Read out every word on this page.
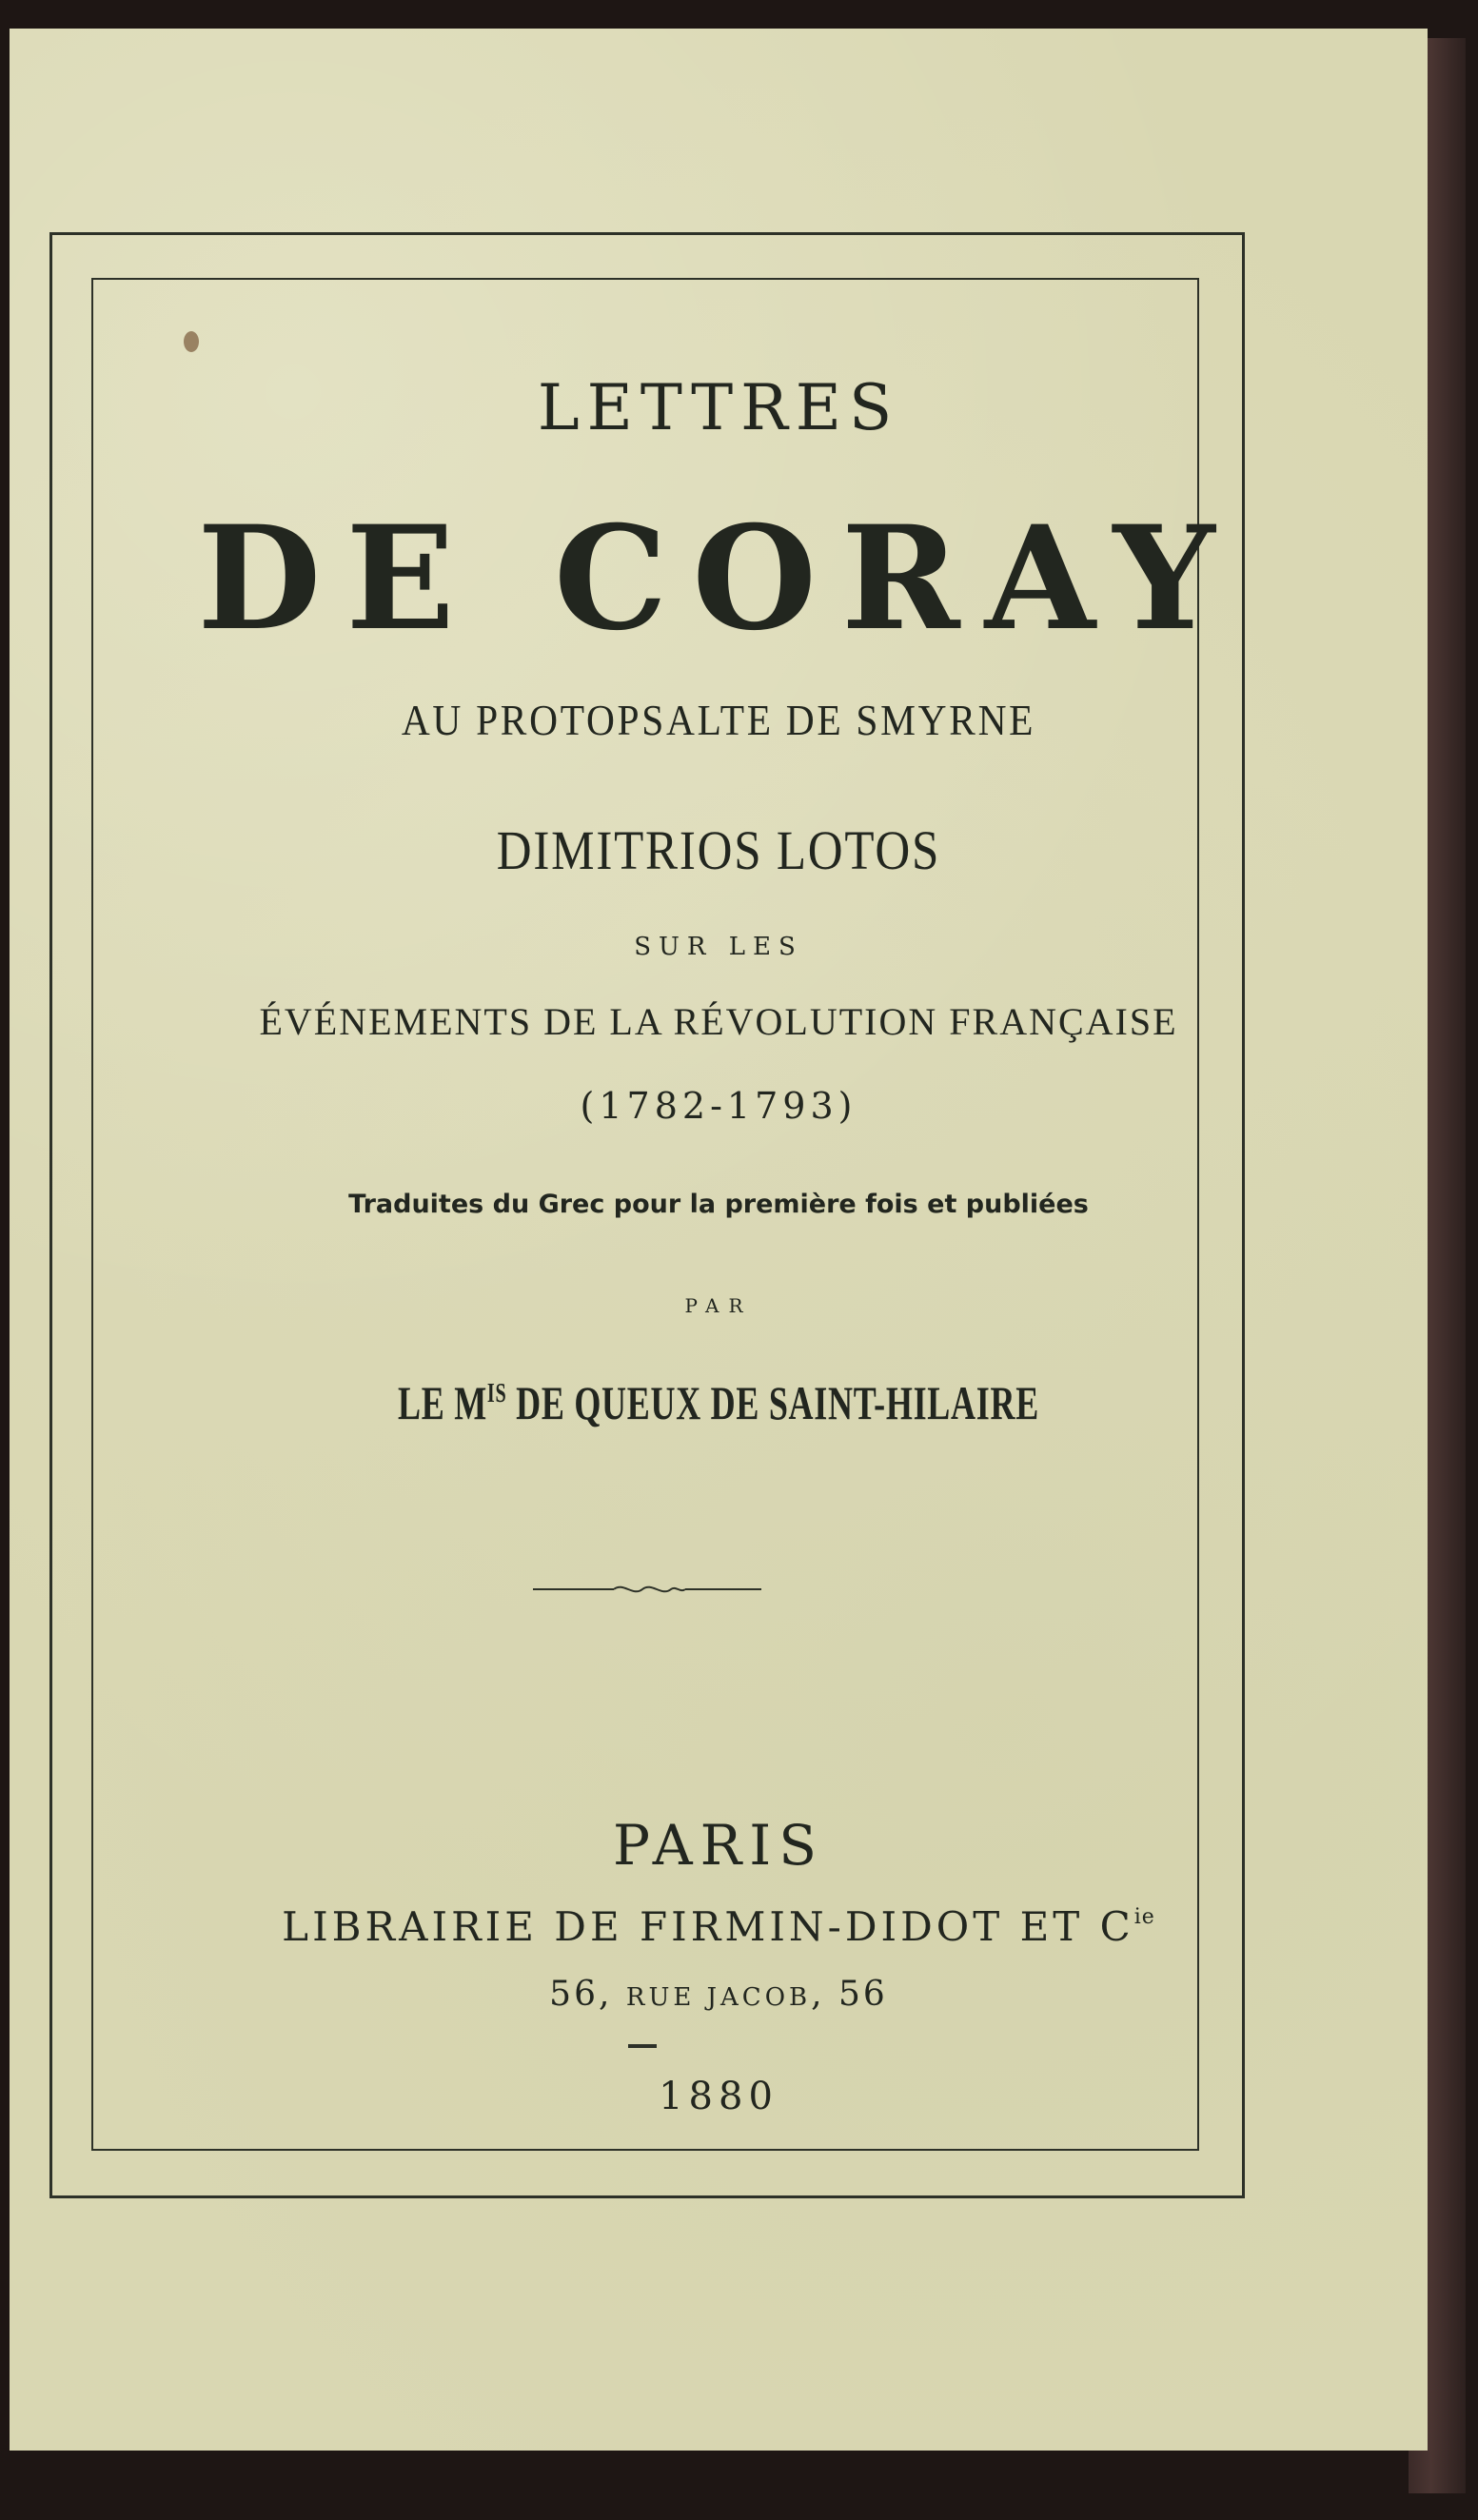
LETTRES
DE CORAY
AU PROTOPSALTE DE SMYRNE
DIMITRIOS LOTOS
SUR LES
ÉVÉNEMENTS DE LA RÉVOLUTION FRANÇAISE
(1782-1793)
Traduites du Grec pour la première fois et publiées
PAR
LE $M^{IS}$ DE QUEUX DE SAINT-HILAIRE
PARIS
LIBRAIRIE DE FIRMIN-DIDOT ET $C^{ie}$
56, RUE JACOB, 56
1880
